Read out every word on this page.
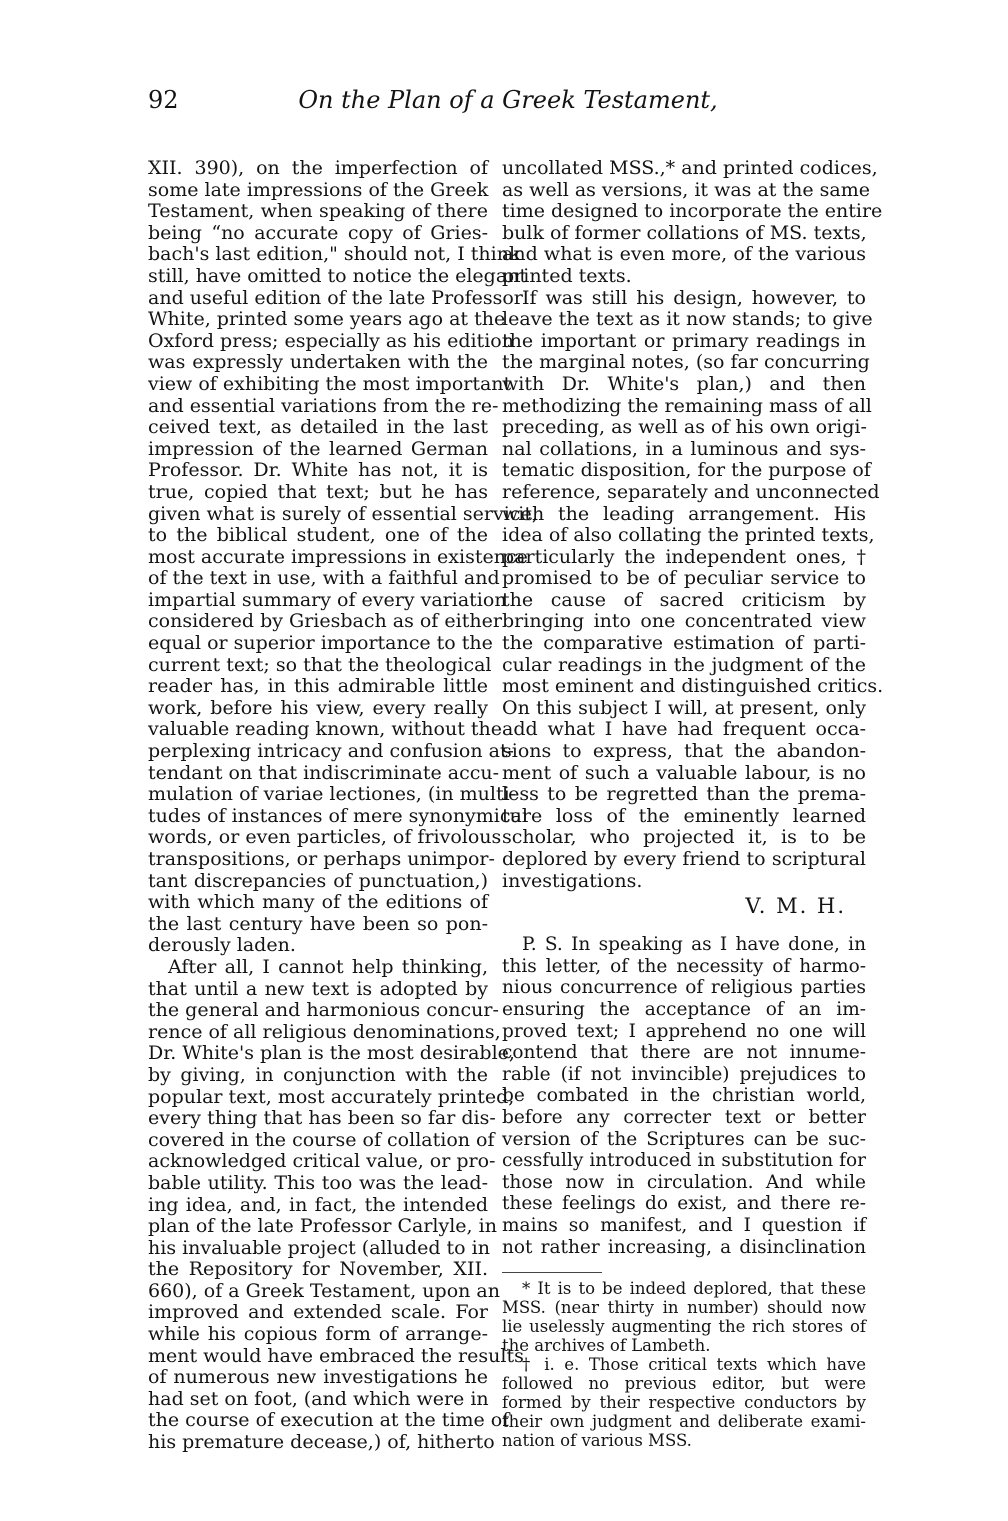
92	On the Plan of a Greek Testament,
XII. 390), on the imperfection of
some late impressions of the Greek
Testament, when speaking of there
being “no accurate copy of Gries-
bach's last edition," should not, I think
still, have omitted to notice the elegant
and useful edition of the late Professor
White, printed some years ago at the
Oxford press; especially as his edition
was expressly undertaken with the
view of exhibiting the most important
and essential variations from the re-
ceived text, as detailed in the last
impression of the learned German
Professor. Dr. White has not, it is
true, copied that text; but he has
given what is surely of essential service,
to the biblical student, one of the
most accurate impressions in existence
of the text in use, with a faithful and
impartial summary of every variation
considered by Griesbach as of either
equal or superior importance to the
current text; so that the theological
reader has, in this admirable little
work, before his view, every really
valuable reading known, without the
perplexing intricacy and confusion at-
tendant on that indiscriminate accu-
mulation of variae lectiones, (in multi-
tudes of instances of mere synonymical
words, or even particles, of frivolous
transpositions, or perhaps unimpor-
tant discrepancies of punctuation,)
with which many of the editions of
the last century have been so pon-
derously laden.
After all, I cannot help thinking,
that until a new text is adopted by
the general and harmonious concur-
rence of all religious denominations,
Dr. White's plan is the most desirable,
by giving, in conjunction with the
popular text, most accurately printed,
every thing that has been so far dis-
covered in the course of collation of
acknowledged critical value, or pro-
bable utility. This too was the lead-
ing idea, and, in fact, the intended
plan of the late Professor Carlyle, in
his invaluable project (alluded to in
the Repository for November, XII.
660), of a Greek Testament, upon an
improved and extended scale. For
while his copious form of arrange-
ment would have embraced the results
of numerous new investigations he
had set on foot, (and which were in
the course of execution at the time of
his premature decease,) of, hitherto
uncollated MSS.,* and printed codices,
as well as versions, it was at the same
time designed to incorporate the entire
bulk of former collations of MS. texts,
and what is even more, of the various
printed texts.
If was still his design, however, to
leave the text as it now stands; to give
the important or primary readings in
the marginal notes, (so far concurring
with Dr. White's plan,) and then
methodizing the remaining mass of all
preceding, as well as of his own origi-
nal collations, in a luminous and sys-
tematic disposition, for the purpose of
reference, separately and unconnected
with the leading arrangement. His
idea of also collating the printed texts,
particularly the independent ones, †
promised to be of peculiar service to
the cause of sacred criticism by
bringing into one concentrated view
the comparative estimation of parti-
cular readings in the judgment of the
most eminent and distinguished critics.
On this subject I will, at present, only
add what I have had frequent occa-
sions to express, that the abandon-
ment of such a valuable labour, is no
less to be regretted than the prema-
ture loss of the eminently learned
scholar, who projected it, is to be
deplored by every friend to scriptural
investigations.
V. M. H.
P. S. In speaking as I have done, in
this letter, of the necessity of harmo-
nious concurrence of religious parties
ensuring the acceptance of an im-
proved text; I apprehend no one will
contend that there are not innume-
rable (if not invincible) prejudices to
be combated in the christian world,
before any correcter text or better
version of the Scriptures can be suc-
cessfully introduced in substitution for
those now in circulation. And while
these feelings do exist, and there re-
mains so manifest, and I question if
not rather increasing, a disinclination
* It is to be indeed deplored, that these
MSS. (near thirty in number) should now
lie uselessly augmenting the rich stores of
the archives of Lambeth.
† i. e. Those critical texts which have
followed no previous editor, but were
formed by their respective conductors by
their own judgment and deliberate exami-
nation of various MSS.
